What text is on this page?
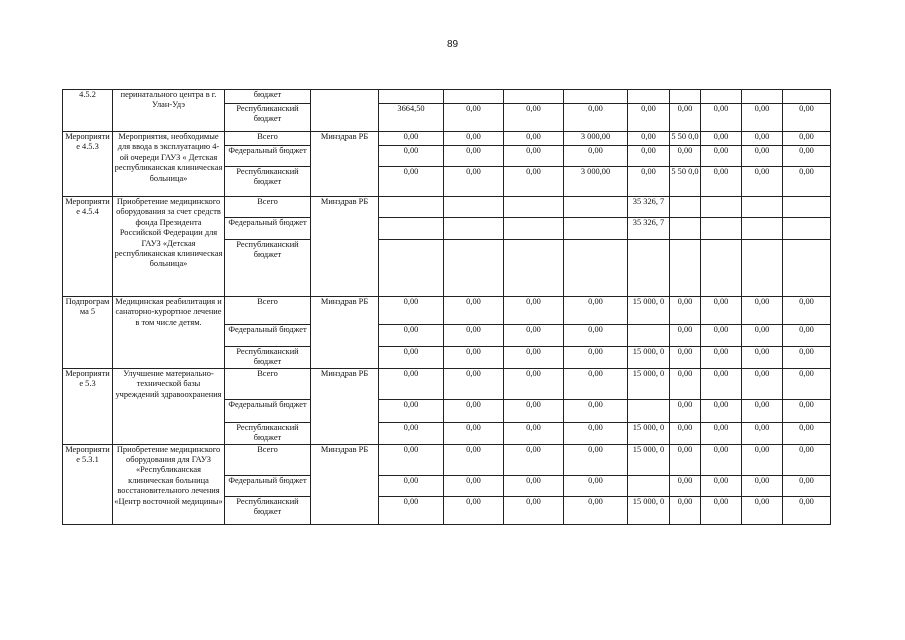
89
4.5.2	перинатального центра в г. Улан-Удэ	бюджет										
		Республиканский бюджет		3664,50	0,00	0,00	0,00	0,00	0,00	0,00	0,00	0,00
Мероприятие 4.5.3	Мероприятия, необходимые для ввода в эксплуатацию 4-ой очереди ГАУЗ « Детская республиканская клиническая больница»	Всего	Минздрав РБ	0,00	0,00	0,00	3 000,00	0,00	5 50 0,0	0,00	0,00	0,00
		Федеральный бюджет		0,00	0,00	0,00	0,00	0,00	0,00	0,00	0,00	0,00
		Республиканский бюджет		0,00	0,00	0,00	3 000,00	0,00	5 50 0,0	0,00	0,00	0,00
Мероприятие 4.5.4	Приобретение медицинского оборудования за счет средств фонда Президента Российской Федерации для ГАУЗ «Детская республиканская клиническая больница»	Всего	Минздрав РБ					35 326, 7				
		Федеральный бюджет						35 326, 7				
		Республиканский бюджет										
Подпрограмма 5	Медицинская реабилитация и санаторно-курортное лечение в том числе детям.	Всего	Минздрав РБ	0,00	0,00	0,00	0,00	15 000, 0	0,00	0,00	0,00	0,00
		Федеральный бюджет		0,00	0,00	0,00	0,00		0,00	0,00	0,00	0,00
		Республиканский бюджет		0,00	0,00	0,00	0,00	15 000, 0	0,00	0,00	0,00	0,00
Мероприятие 5.3	Улучшение материально-технической базы учреждений здравоохранения	Всего	Минздрав РБ	0,00	0,00	0,00	0,00	15 000, 0	0,00	0,00	0,00	0,00
		Федеральный бюджет		0,00	0,00	0,00	0,00		0,00	0,00	0,00	0,00
		Республиканский бюджет		0,00	0,00	0,00	0,00	15 000, 0	0,00	0,00	0,00	0,00
Мероприятие 5.3.1	Приобретение медицинского оборудования для ГАУЗ «Республиканская клиническая больница восстановительного лечения «Центр восточной медицины»	Всего	Минздрав РБ	0,00	0,00	0,00	0,00	15 000, 0	0,00	0,00	0,00	0,00
		Федеральный бюджет		0,00	0,00	0,00	0,00		0,00	0,00	0,00	0,00
		Республиканский бюджет		0,00	0,00	0,00	0,00	15 000, 0	0,00	0,00	0,00	0,00
